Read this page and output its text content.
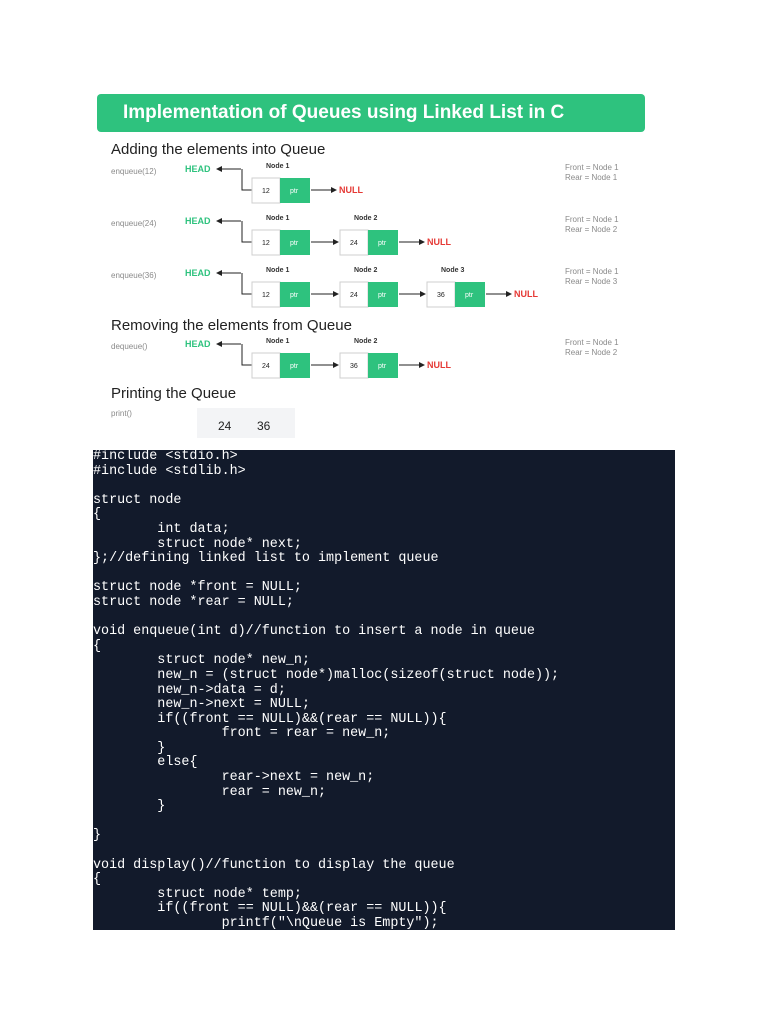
Implementation of Queues using Linked List in C
Adding the elements into Queue
Removing the elements from Queue
Printing the Queue
enqueue(12)	HEAD	Node 1
12	ptr	NULL
Front = Node 1
Rear = Node 1
enqueue(24)	HEAD	Node 1
12	ptr
Node 2
24	ptr	NULL
Front = Node 1
Rear = Node 2
enqueue(36)	HEAD	Node 1
12	ptr
Node 2
24	ptr
Node 3
36	ptr	NULL
Front = Node 1
Rear = Node 3
dequeue()	HEAD	Node 1
24	ptr
Node 2
36	ptr	NULL
Front = Node 1
Rear = Node 2
print()
24 36
#include <stdio.h>
#include <stdlib.h>
struct node
{
	int data;
	struct node* next;
};//defining linked list to implement queue
struct node *front = NULL;
struct node *rear = NULL;
void enqueue(int d)//function to insert a node in queue
{
	struct node* new_n;
	new_n = (struct node*)malloc(sizeof(struct node));
	new_n->data = d;
	new_n->next = NULL;
	if((front == NULL)&&(rear == NULL)){
		front = rear = new_n;
	}
	else{
		rear->next = new_n;
		rear = new_n;
	}
}
void display()//function to display the queue
{
	struct node* temp;
	if((front == NULL)&&(rear == NULL)){
		printf("\nQueue is Empty");
